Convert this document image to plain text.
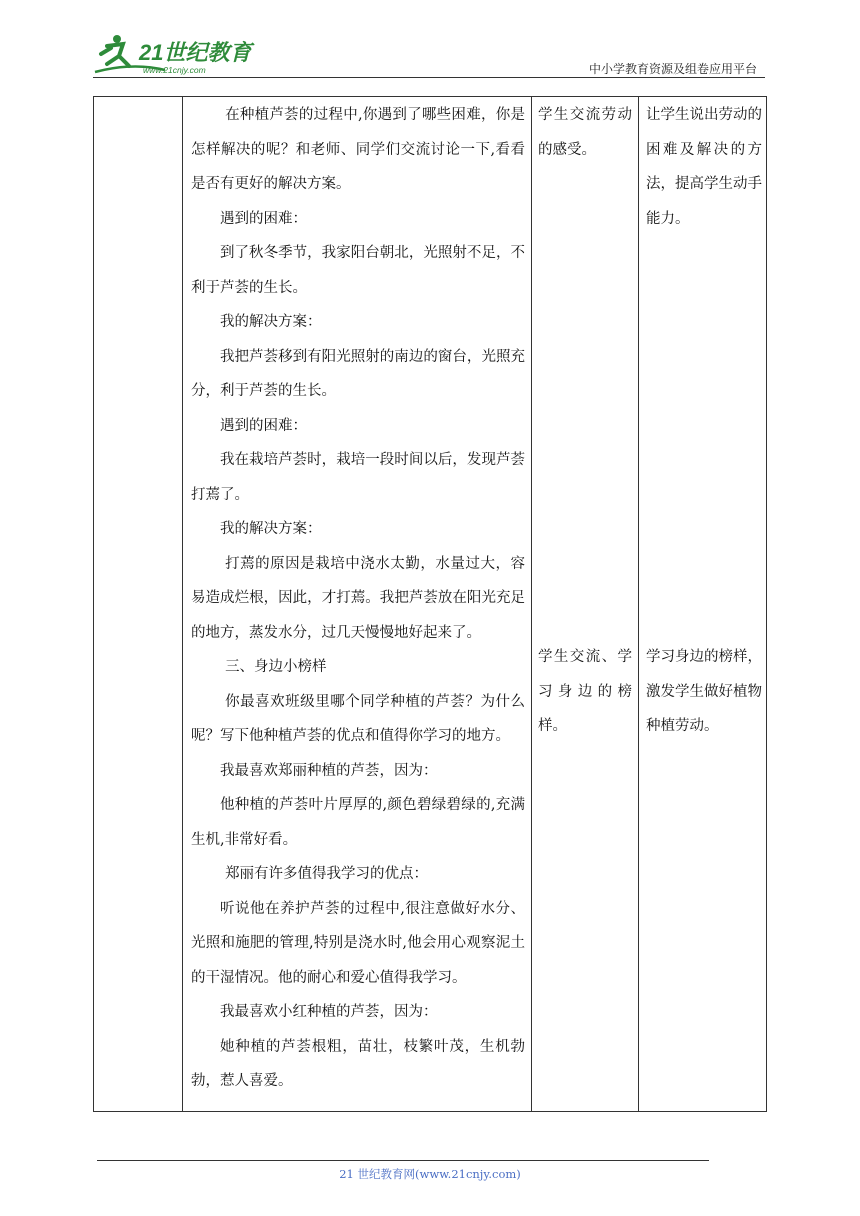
21世纪教育
www.21cnjy.com	中小学教育资源及组卷应用平台

在种植芦荟的过程中,你遇到了哪些困难，你是怎样解决的呢？和老师、同学们交流讨论一下,看看是否有更好的解决方案。

遇到的困难：

到了秋冬季节，我家阳台朝北，光照射不足，不利于芦荟的生长。

我的解决方案：

我把芦荟移到有阳光照射的南边的窗台，光照充分，利于芦荟的生长。

遇到的困难：

我在栽培芦荟时，栽培一段时间以后，发现芦荟打蔫了。

我的解决方案：

打蔫的原因是栽培中浇水太勤，水量过大，容易造成烂根，因此，才打蔫。我把芦荟放在阳光充足的地方，蒸发水分，过几天慢慢地好起来了。

三、身边小榜样

你最喜欢班级里哪个同学种植的芦荟？为什么呢？写下他种植芦荟的优点和值得你学习的地方。

我最喜欢郑丽种植的芦荟，因为：

他种植的芦荟叶片厚厚的,颜色碧绿碧绿的,充满生机,非常好看。

郑丽有许多值得我学习的优点：

听说他在养护芦荟的过程中,很注意做好水分、光照和施肥的管理,特别是浇水时,他会用心观察泥土的干湿情况。他的耐心和爱心值得我学习。

我最喜欢小红种植的芦荟，因为：

她种植的芦荟根粗，苗壮，枝繁叶茂，生机勃勃，惹人喜爱。

学生交流劳动的感受。
学生交流、学习身边的榜样。
让学生说出劳动的困难及解决的方法，提高学生动手能力。
学习身边的榜样，激发学生做好植物种植劳动。
21 世纪教育网(www.21cnjy.com)
